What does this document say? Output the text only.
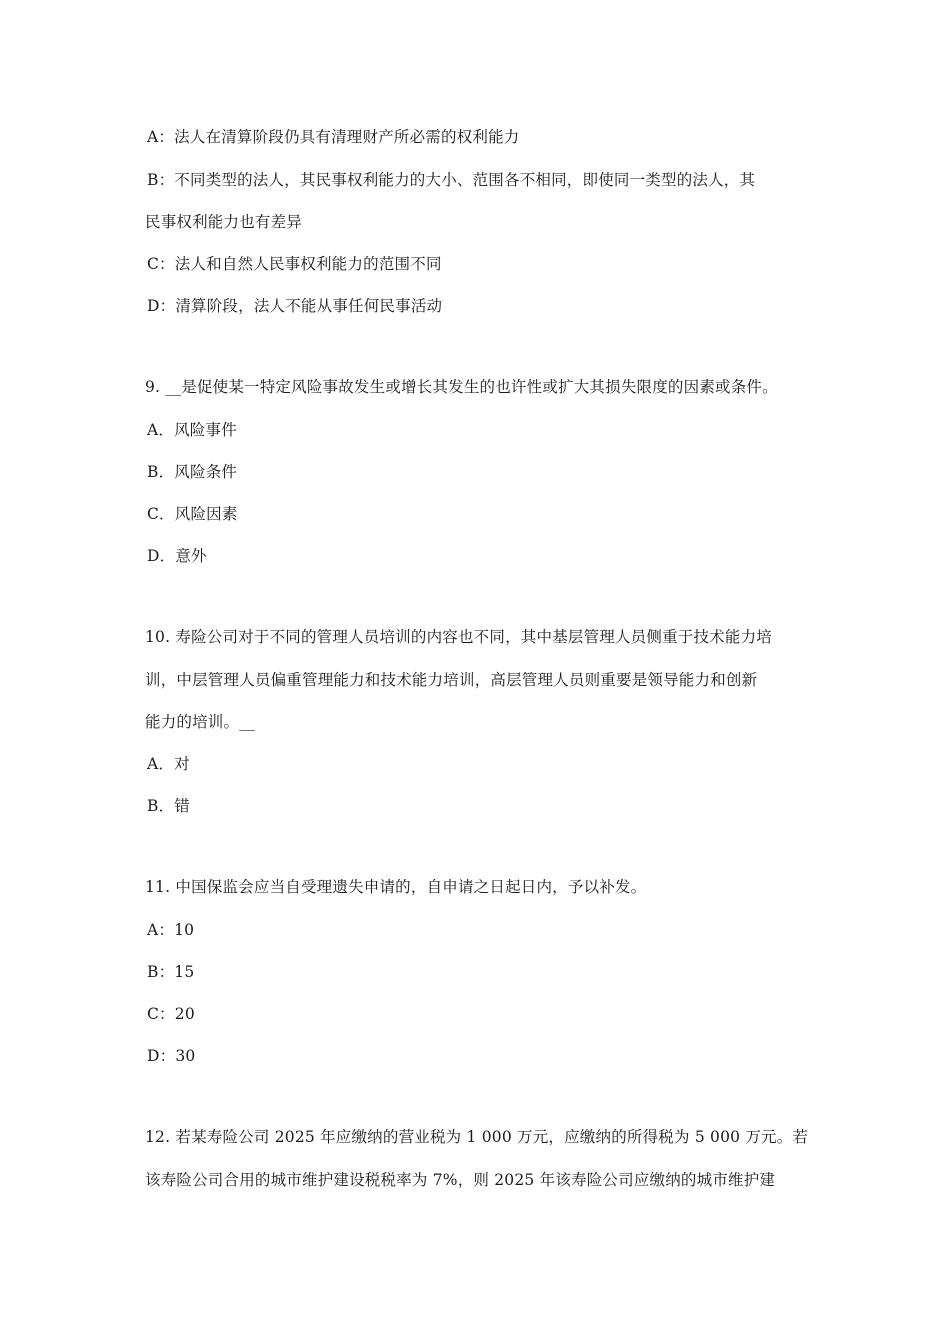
A：法人在清算阶段仍具有清理财产所必需的权利能力
B：不同类型的法人，其民事权利能力的大小、范围各不相同，即使同一类型的法人，其
民事权利能力也有差异
C：法人和自然人民事权利能力的范围不同
D：清算阶段，法人不能从事任何民事活动
9. __是促使某一特定风险事故发生或增长其发生的也许性或扩大其损失限度的因素或条件。
A．风险事件
B．风险条件
C．风险因素
D．意外
10. 寿险公司对于不同的管理人员培训的内容也不同，其中基层管理人员侧重于技术能力培
训，中层管理人员偏重管理能力和技术能力培训，高层管理人员则重要是领导能力和创新
能力的培训。__
A．对
B．错
11. 中国保监会应当自受理遗失申请的，自申请之日起日内，予以补发。
A：10
B：15
C：20
D：30
12. 若某寿险公司 2025 年应缴纳的营业税为 1 000 万元，应缴纳的所得税为 5 000 万元。若
该寿险公司合用的城市维护建设税税率为 7%，则 2025 年该寿险公司应缴纳的城市维护建
